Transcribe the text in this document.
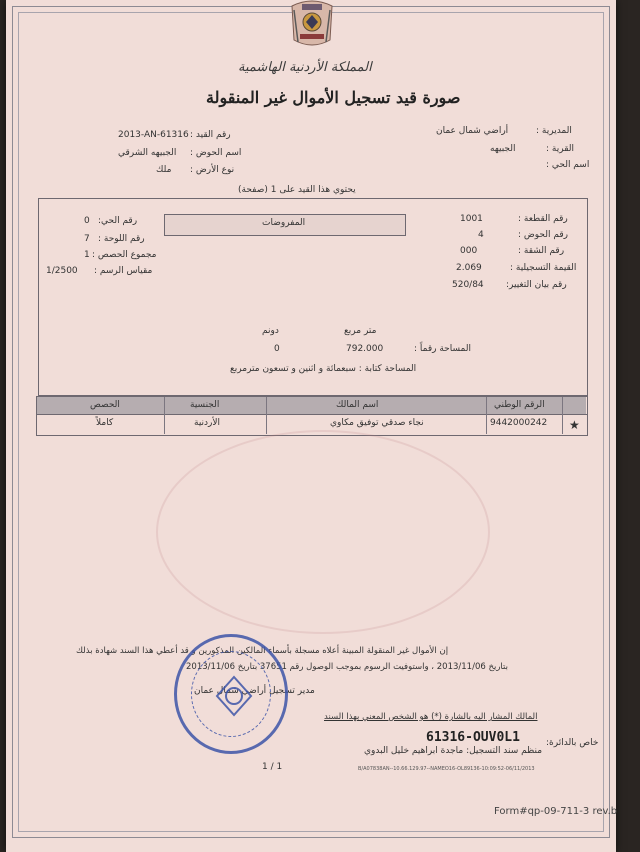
المملكة الأردنية الهاشمية
صورة قيد تسجيل الأموال غير المنقولة
رقم القيد :
2013-AN-61316
اسم الحوض :
الجبيهه الشرقي
نوع الأرض :
ملك
المديرية :
أراضي شمال عمان
القرية :
الجبيهه
اسم الحي :
يحتوي هذا القيد على 1 (صفحة)
رقم القطعة :
1001
رقم الحوض :
4
رقم الشقة :
000
القيمة التسجيلية :
2.069
رقم بيان التغيير:
520/84
المفروضات
رقم الحي:
0
رقم اللوحة :
7
مجموع الحصص :
1
مقياس الرسم :
1/2500
متر مربع
دونم
المساحة رقماً :
792.000
0
المساحة كتابة : سبعمائة و اثنين و تسعون مترمربع
الرقم الوطني
اسم المالك
الجنسية
الحصص
★
9442000242
نجاء صدقي توفيق مكاوي
الأردنية
كاملاً
إن الأموال غير المنقولة المبينة أعلاه مسجلة بأسماء المالكين المذكورين و قد أعطي هذا السند شهادة بذلك
بتاريخ 2013/11/06 ، واستوفيت الرسوم بموجب الوصول رقم 37651 بتاريخ 2013/11/06
مدير تسجيل أراضي شمال عمان
المالك المشار اليه بالشارة (*) هو الشخص المعني بهذا السند
خاص بالدائرة:
61316-OUV0L1
منظم سند التسجيل: ماجدة ابراهيم خليل البدوي
B/A07838AN--10.66.129.97--NAMEO16-OL89136-10:09:52-06/11/2013
1 / 1
Form#qp-09-711-3 rev.b
